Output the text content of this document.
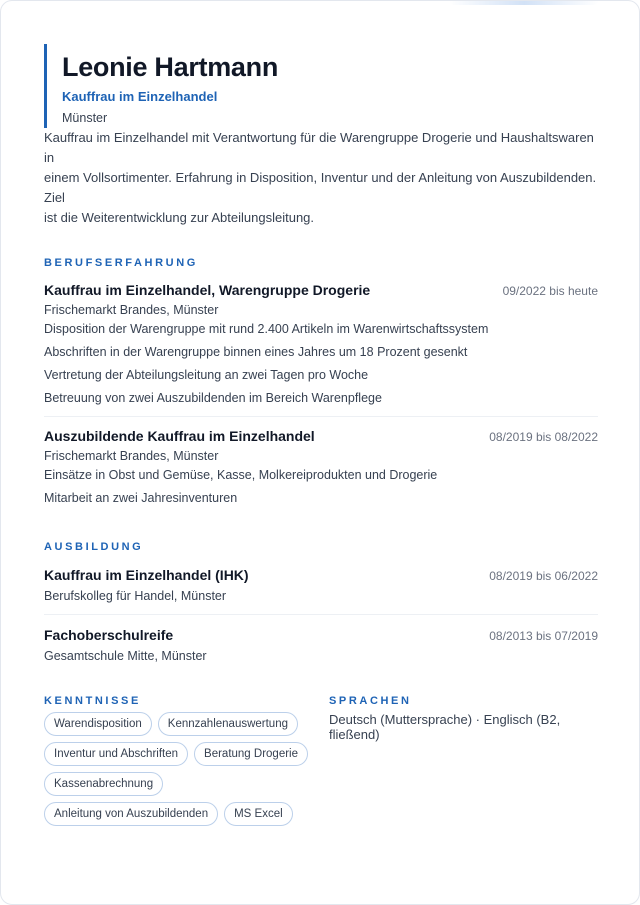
Leonie Hartmann
Kauffrau im Einzelhandel
Münster
Kauffrau im Einzelhandel mit Verantwortung für die Warengruppe Drogerie und Haushaltswaren in
einem Vollsortimenter. Erfahrung in Disposition, Inventur und der Anleitung von Auszubildenden. Ziel
ist die Weiterentwicklung zur Abteilungsleitung.
BERUFSERFAHRUNG
Kauffrau im Einzelhandel, Warengruppe Drogerie	09/2022 bis heute
Frischemarkt Brandes, Münster
Disposition der Warengruppe mit rund 2.400 Artikeln im Warenwirtschaftssystem
Abschriften in der Warengruppe binnen eines Jahres um 18 Prozent gesenkt
Vertretung der Abteilungsleitung an zwei Tagen pro Woche
Betreuung von zwei Auszubildenden im Bereich Warenpflege
Auszubildende Kauffrau im Einzelhandel	08/2019 bis 08/2022
Frischemarkt Brandes, Münster
Einsätze in Obst und Gemüse, Kasse, Molkereiprodukten und Drogerie
Mitarbeit an zwei Jahresinventuren
AUSBILDUNG
Kauffrau im Einzelhandel (IHK)	08/2019 bis 06/2022
Berufskolleg für Handel, Münster
Fachoberschulreife	08/2013 bis 07/2019
Gesamtschule Mitte, Münster
KENNTNISSE
Warendisposition	Kennzahlenauswertung
Inventur und Abschriften	Beratung Drogerie
Kassenabrechnung
Anleitung von Auszubildenden	MS Excel
SPRACHEN
Deutsch (Muttersprache) · Englisch (B2, fließend)
